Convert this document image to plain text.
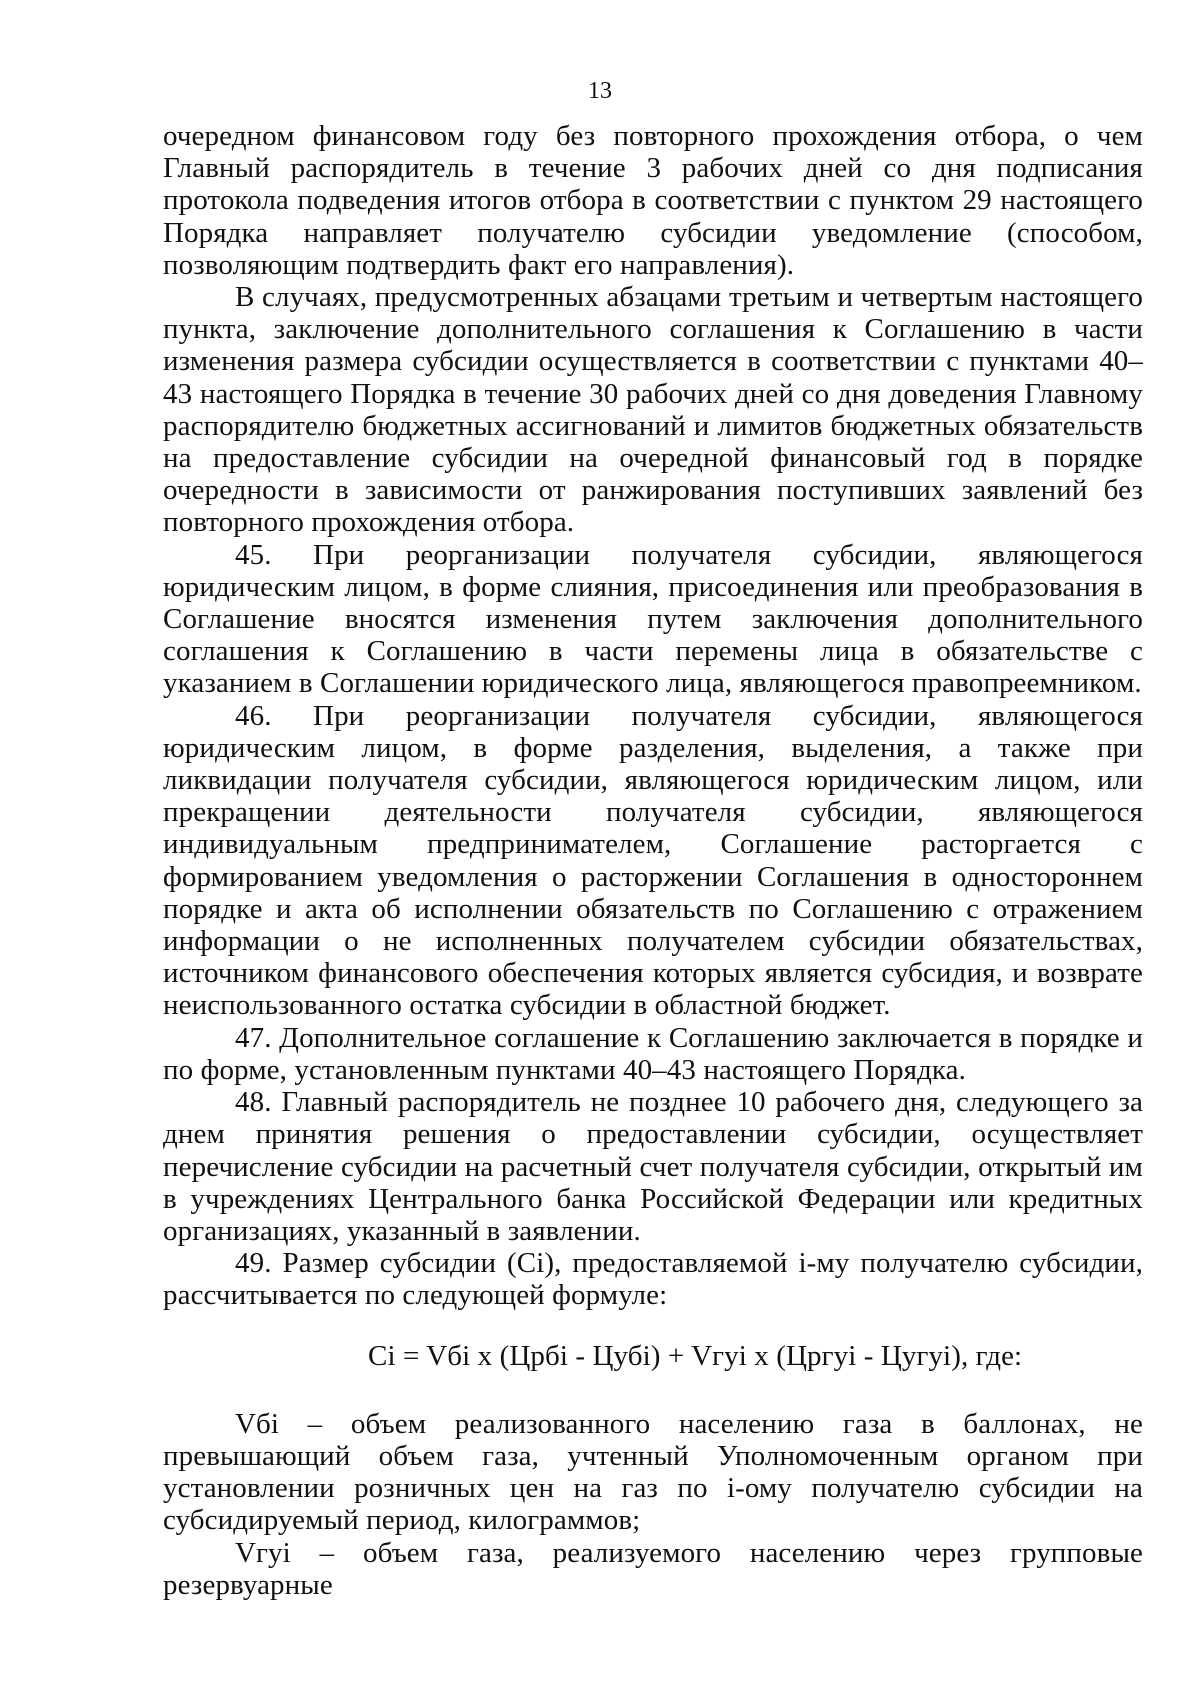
13

очередном финансовом году без повторного прохождения отбора, о чем Главный распорядитель в течение 3 рабочих дней со дня подписания протокола подведения итогов отбора в соответствии с пунктом 29 настоящего Порядка направляет получателю субсидии уведомление (способом, позволяющим подтвердить факт его направления).

В случаях, предусмотренных абзацами третьим и четвертым настоящего пункта, заключение дополнительного соглашения к Соглашению в части изменения размера субсидии осуществляется в соответствии с пунктами 40–43 настоящего Порядка в течение 30 рабочих дней со дня доведения Главному распорядителю бюджетных ассигнований и лимитов бюджетных обязательств на предоставление субсидии на очередной финансовый год в порядке очередности в зависимости от ранжирования поступивших заявлений без повторного прохождения отбора.

45. При реорганизации получателя субсидии, являющегося юридическим лицом, в форме слияния, присоединения или преобразования в Соглашение вносятся изменения путем заключения дополнительного соглашения к Соглашению в части перемены лица в обязательстве с указанием в Соглашении юридического лица, являющегося правопреемником.

46. При реорганизации получателя субсидии, являющегося юридическим лицом, в форме разделения, выделения, а также при ликвидации получателя субсидии, являющегося юридическим лицом, или прекращении деятельности получателя субсидии, являющегося индивидуальным предпринимателем, Соглашение расторгается с формированием уведомления о расторжении Соглашения в одностороннем порядке и акта об исполнении обязательств по Соглашению с отражением информации о не исполненных получателем субсидии обязательствах, источником финансового обеспечения которых является субсидия, и возврате неиспользованного остатка субсидии в областной бюджет.

47. Дополнительное соглашение к Соглашению заключается в порядке и по форме, установленным пунктами 40–43 настоящего Порядка.

48. Главный распорядитель не позднее 10 рабочего дня, следующего за днем принятия решения о предоставлении субсидии, осуществляет перечисление субсидии на расчетный счет получателя субсидии, открытый им в учреждениях Центрального банка Российской Федерации или кредитных организациях, указанный в заявлении.

49. Размер субсидии (Сi), предоставляемой i-му получателю субсидии, рассчитывается по следующей формуле:

Сi = Vбi x (Црбi - Цубi) + Vгуi x (Цргуi - Цугуi), где:

Vбi – объем реализованного населению газа в баллонах, не превышающий объем газа, учтенный Уполномоченным органом при установлении розничных цен на газ по i-ому получателю субсидии на субсидируемый период, килограммов;

Vгуi – объем газа, реализуемого населению через групповые резервуарные
